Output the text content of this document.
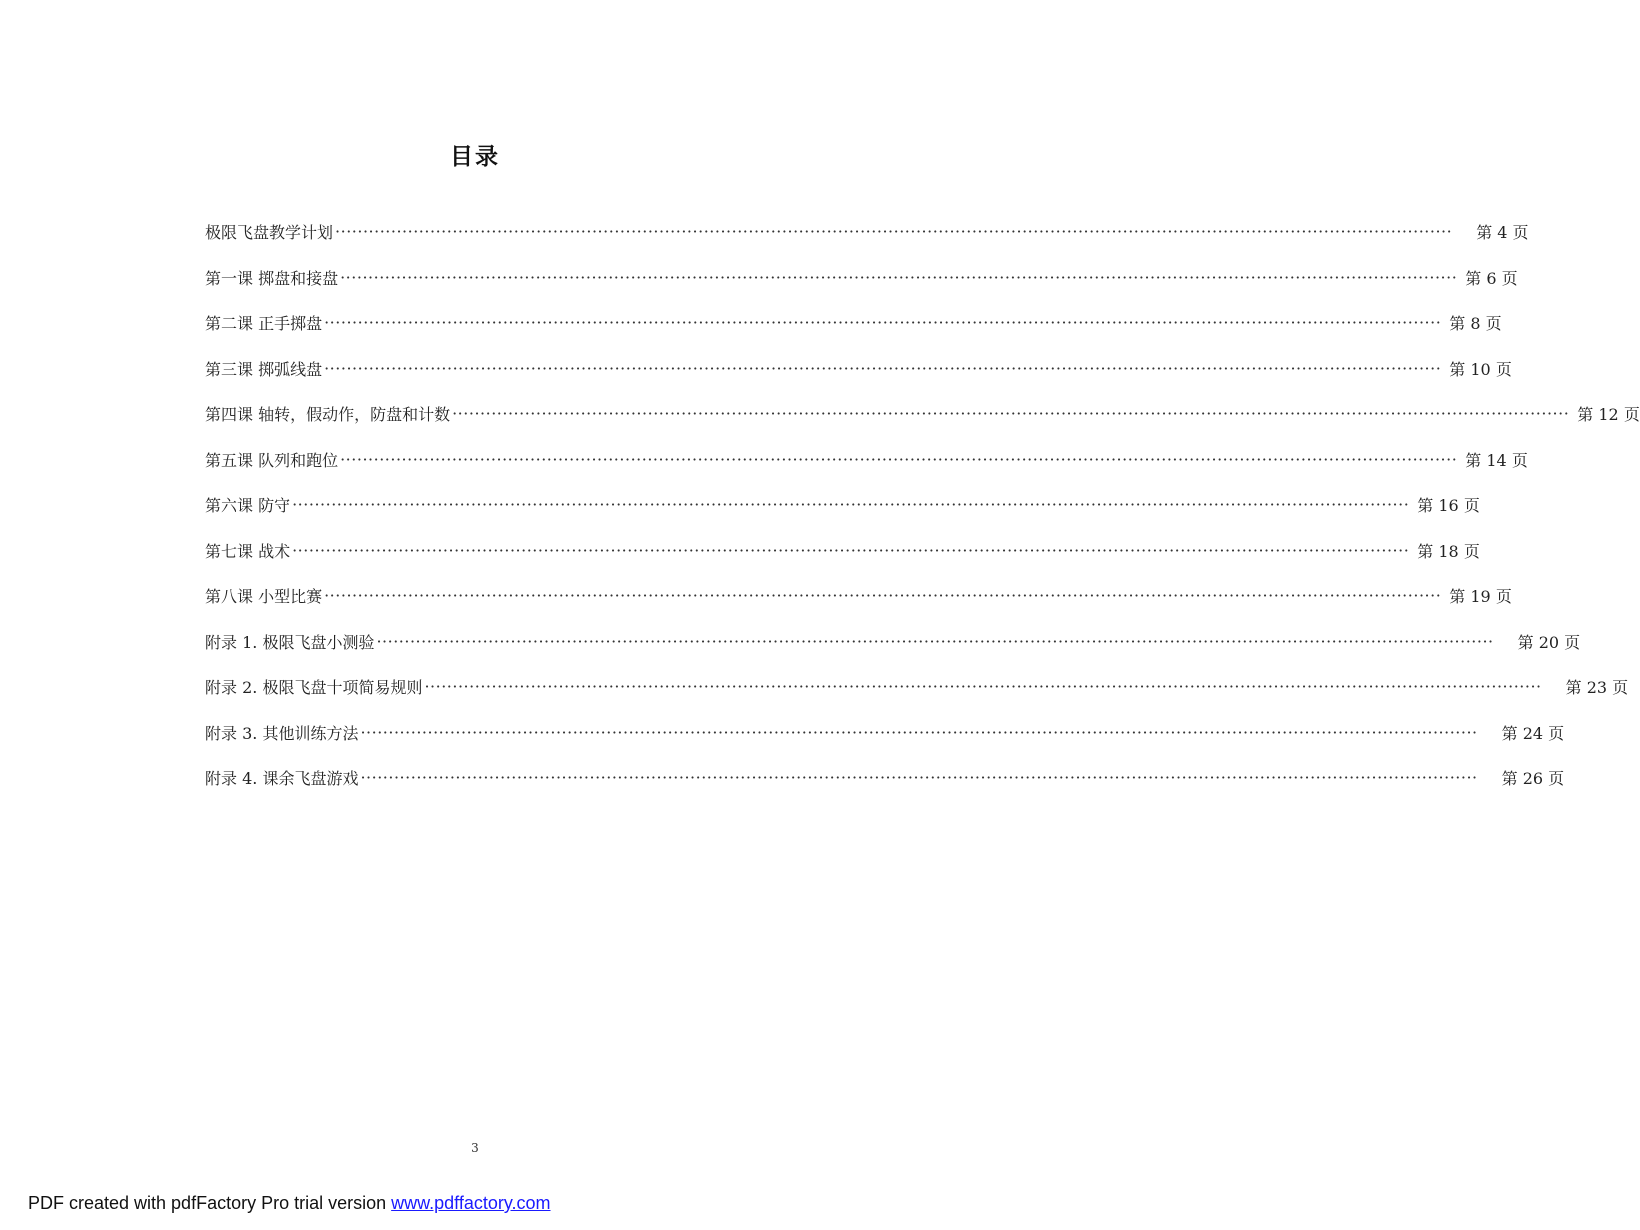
目录
极限飞盘教学计划 ········································································································································································································ 第 4 页
第一课 掷盘和接盘 ········································································································································································································ 第 6 页
第二课 正手掷盘 ········································································································································································································ 第 8 页
第三课 掷弧线盘 ········································································································································································································ 第 10 页
第四课 轴转，假动作，防盘和计数 ········································································································································································································ 第 12 页
第五课 队列和跑位 ········································································································································································································ 第 14 页
第六课 防守 ········································································································································································································ 第 16 页
第七课 战术 ········································································································································································································ 第 18 页
第八课 小型比赛 ········································································································································································································ 第 19 页
附录 1. 极限飞盘小测验 ········································································································································································································ 第 20 页
附录 2. 极限飞盘十项简易规则 ········································································································································································································ 第 23 页
附录 3. 其他训练方法 ········································································································································································································ 第 24 页
附录 4. 课余飞盘游戏 ········································································································································································································ 第 26 页
3
PDF created with pdfFactory Pro trial version www.pdffactory.com
